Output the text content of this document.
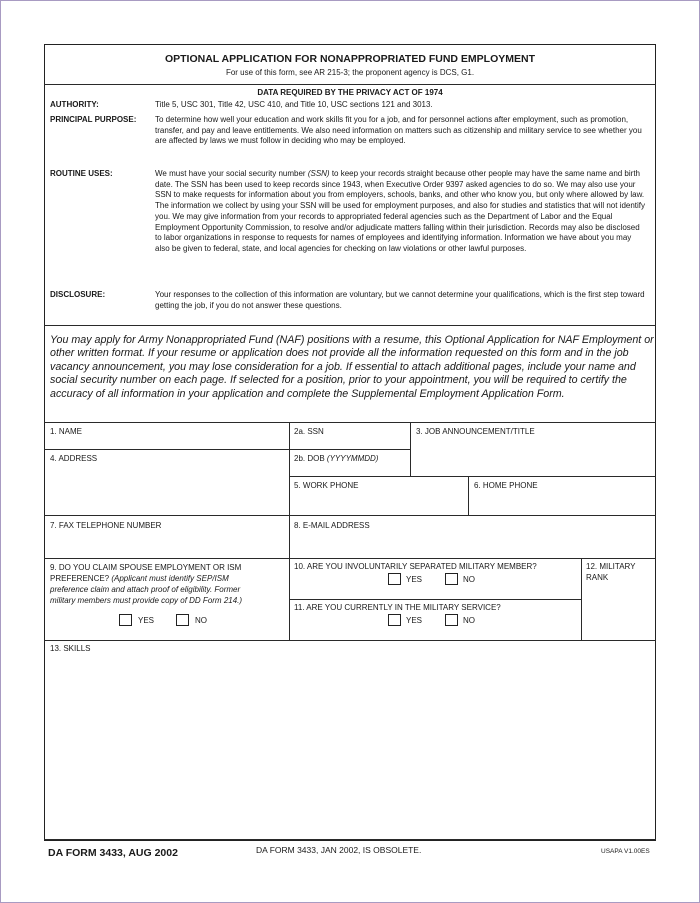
OPTIONAL APPLICATION FOR NONAPPROPRIATED FUND EMPLOYMENT
For use of this form, see AR 215-3; the proponent agency is DCS, G1.
DATA REQUIRED BY THE PRIVACY ACT OF 1974
AUTHORITY:	Title 5, USC 301, Title 42, USC 410, and Title 10, USC sections 121 and 3013.
PRINCIPAL PURPOSE: To determine how well your education and work skills fit you for a job, and for personnel actions after employment, such as promotion, transfer, and pay and leave entitlements. We also need information on matters such as citizenship and military service to see whether you are affected by laws we must follow in deciding who may be employed.
ROUTINE USES:	We must have your social security number (SSN) to keep your records straight because other people may have the same name and birth date. The SSN has been used to keep records since 1943, when Executive Order 9397 asked agencies to do so. We may also use your SSN to make requests for information about you from employers, schools, banks, and other who know you, but only where allowed by law. The information we collect by using your SSN will be used for employment purposes, and also for studies and statistics that will not identify you. We may give information from your records to appropriated federal agencies such as the Department of Labor and the Equal Employment Opportunity Commission, to resolve and/or adjudicate matters falling within their jurisdiction. Records may also be disclosed to labor organizations in response to requests for names of employees and identifying information. Information we have about you may also be given to federal, state, and local agencies for checking on law violations or other lawful purposes.
DISCLOSURE:	Your responses to the collection of this information are voluntary, but we cannot determine your qualifications, which is the first step toward getting the job, if you do not answer these questions.
You may apply for Army Nonappropriated Fund (NAF) positions with a resume, this Optional Application for NAF Employment or other written format. If your resume or application does not provide all the information requested on this form and in the job vacancy announcement, you may lose consideration for a job. If essential to attach additional pages, include your name and social security number on each page. If selected for a position, prior to your appointment, you will be required to certify the accuracy of all information in your application and complete the Supplemental Employment Application Form.
1. NAME	2a. SSN	3. JOB ANNOUNCEMENT/TITLE
4. ADDRESS	2b. DOB (YYYYMMDD)
5. WORK PHONE	6. HOME PHONE
7. FAX TELEPHONE NUMBER	8. E-MAIL ADDRESS
9. DO YOU CLAIM SPOUSE EMPLOYMENT OR ISM
PREFERENCE? (Applicant must identify SEP/ISM
preference claim and attach proof of eligibility. Former
military members must provide copy of DD Form 214.)
YES	NO
10. ARE YOU INVOLUNTARILY SEPARATED MILITARY MEMBER?
YES	NO
11. ARE YOU CURRENTLY IN THE MILITARY SERVICE?
YES	NO
12. MILITARY
RANK
13. SKILLS
DA FORM 3433, AUG 2002	DA FORM 3433, JAN 2002, IS OBSOLETE.	USAPA V1.00ES
